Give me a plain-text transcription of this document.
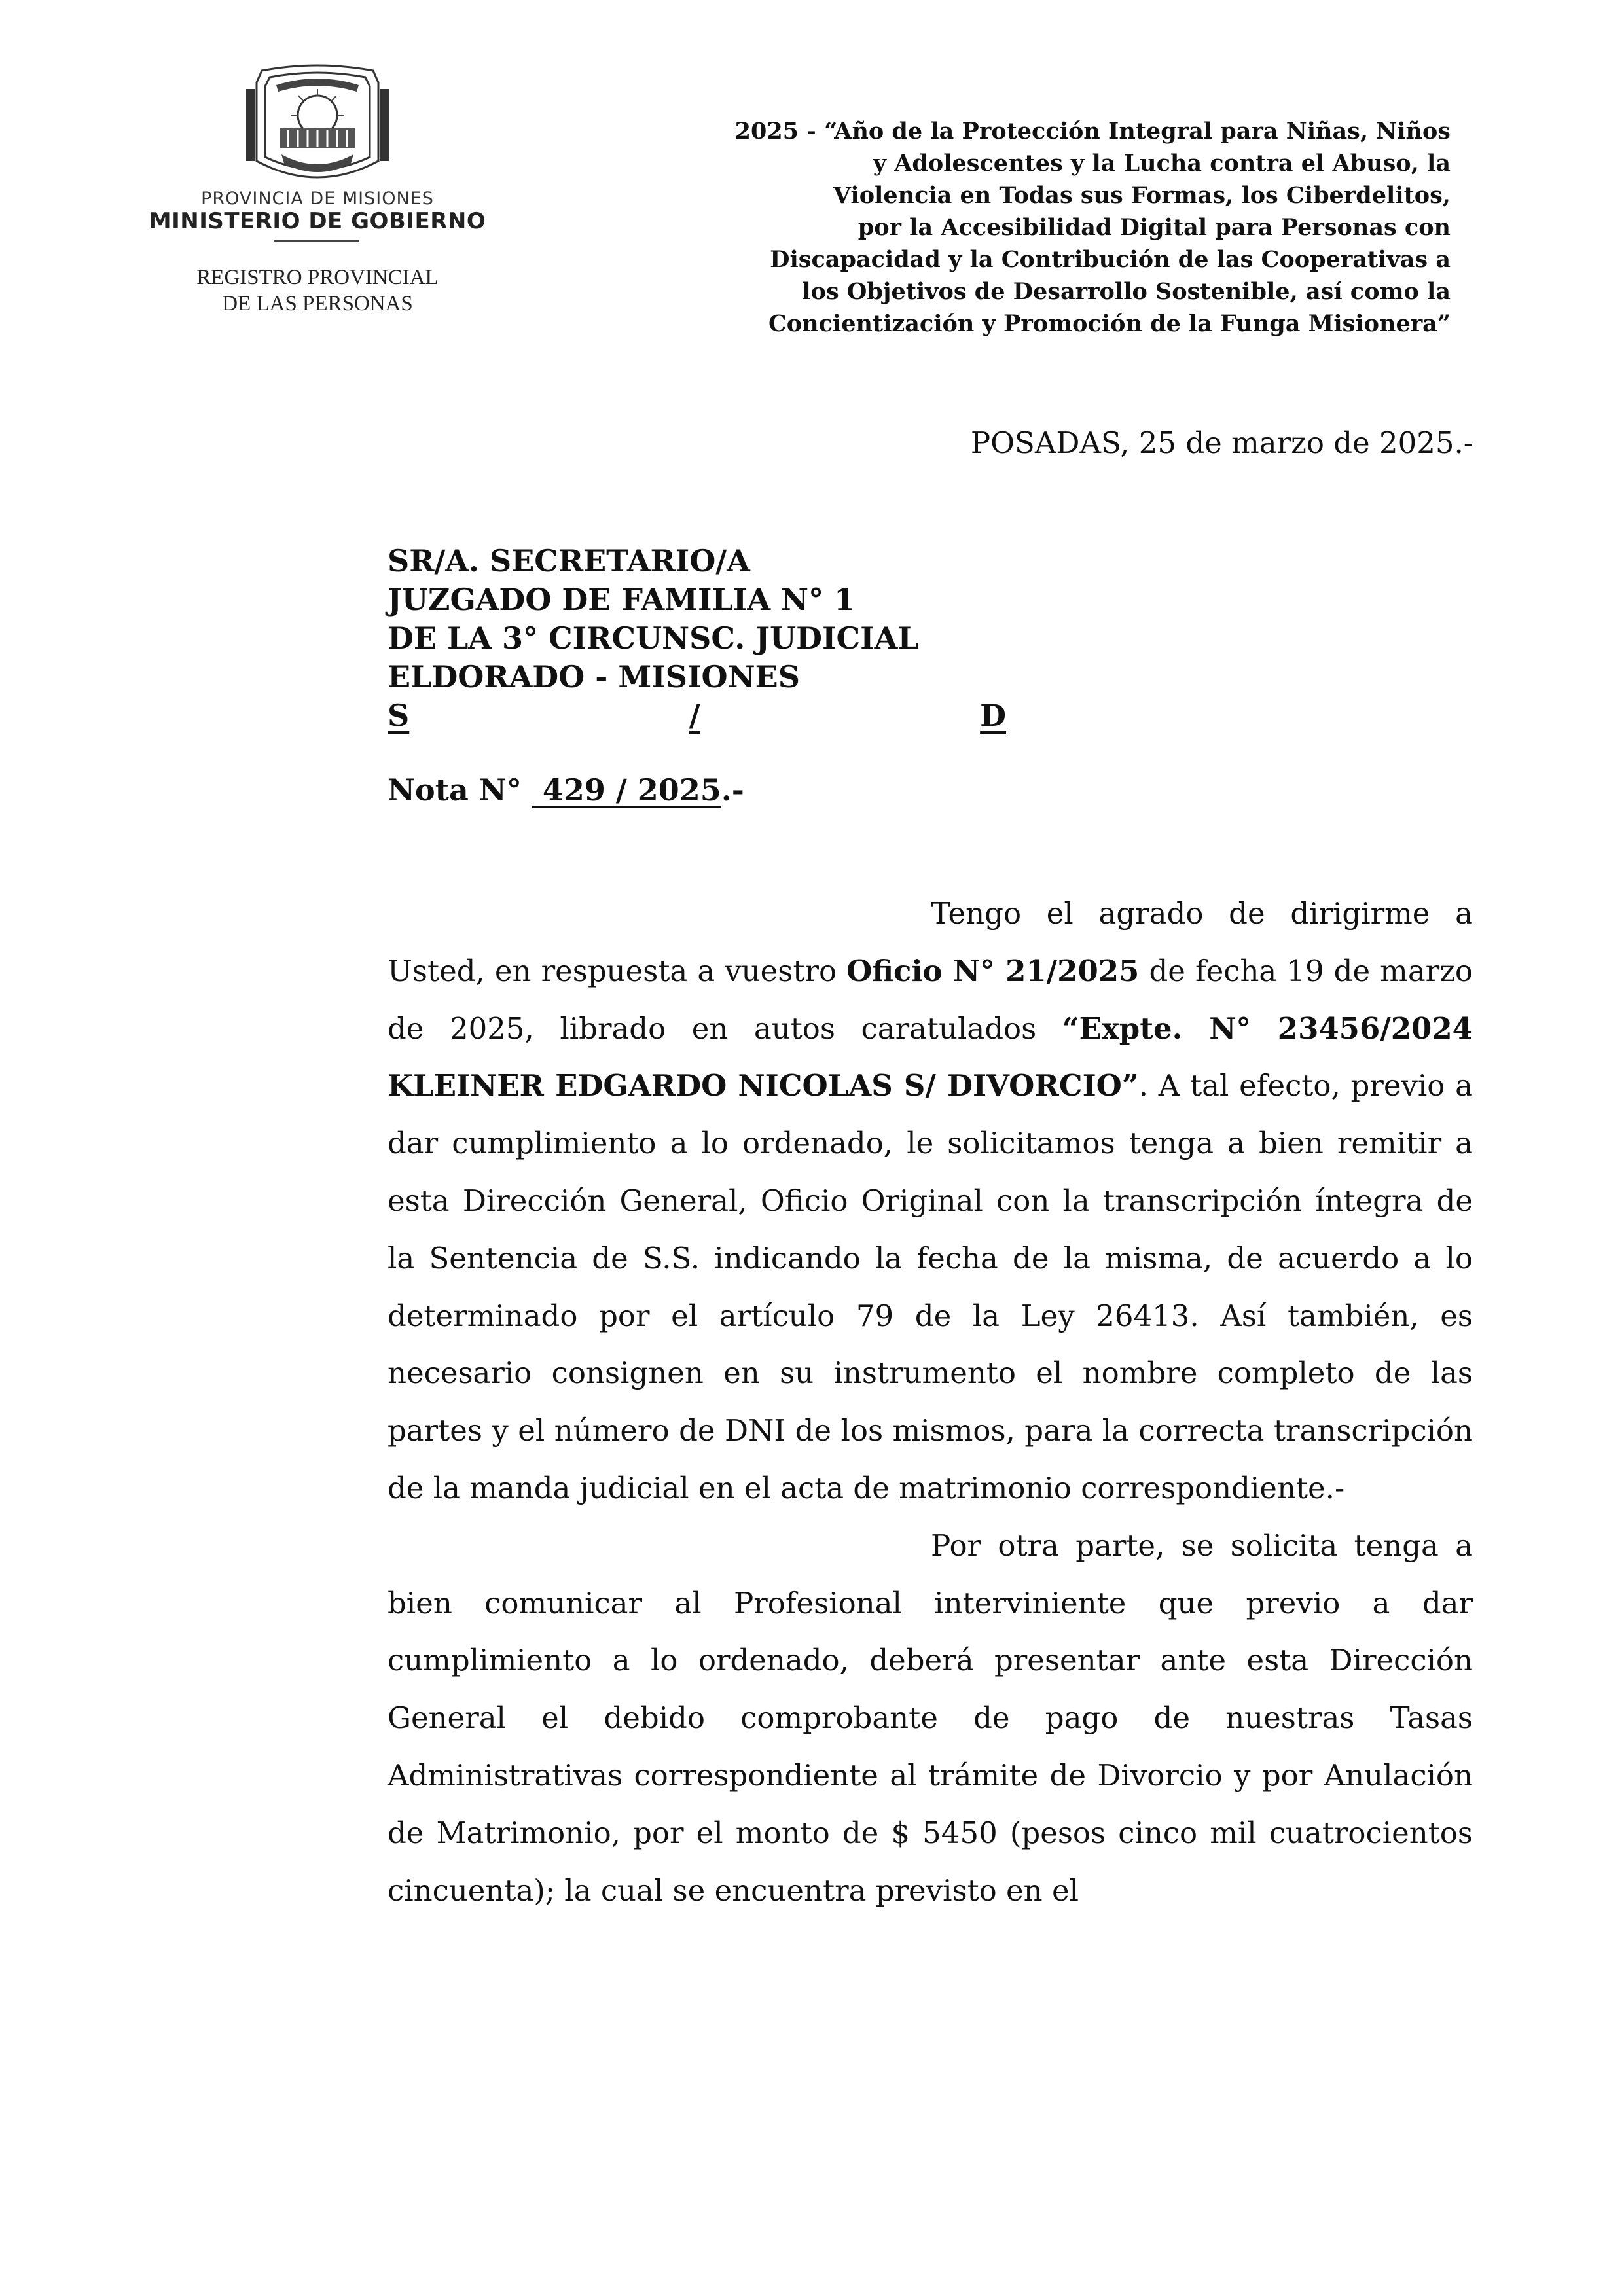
PROVINCIA DE MISIONES
MINISTERIO DE GOBIERNO
REGISTRO PROVINCIAL
DE LAS PERSONAS
2025 - “Año de la Protección Integral para Niñas, Niños
y Adolescentes y la Lucha contra el Abuso, la
Violencia en Todas sus Formas, los Ciberdelitos,
por la Accesibilidad Digital para Personas con
Discapacidad y la Contribución de las Cooperativas a
los Objetivos de Desarrollo Sostenible, así como la
Concientización y Promoción de la Funga Misionera”
POSADAS, 25 de marzo de 2025.-
SR/A. SECRETARIO/A
JUZGADO DE FAMILIA N° 1
DE LA 3° CIRCUNSC. JUDICIAL
ELDORADO - MISIONES
S	/	D
Nota N°  429 / 2025.-

Tengo el agrado de dirigirme a Usted, en respuesta a vuestro Oficio N° 21/2025 de fecha 19 de marzo de 2025, librado en autos caratulados “Expte. N° 23456/2024 KLEINER EDGARDO NICOLAS S/ DIVORCIO”. A tal efecto, previo a dar cumplimiento a lo ordenado, le solicitamos tenga a bien remitir a esta Dirección General, Oficio Original con la transcripción íntegra de la Sentencia de S.S. indicando la fecha de la misma, de acuerdo a lo determinado por el artículo 79 de la Ley 26413. Así también, es necesario consignen en su instrumento el nombre completo de las partes y el número de DNI de los mismos, para la correcta transcripción de la manda judicial en el acta de matrimonio correspondiente.-

Por otra parte, se solicita tenga a bien comunicar al Profesional interviniente que previo a dar cumplimiento a lo ordenado, deberá presentar ante esta Dirección General el debido comprobante de pago de nuestras Tasas Administrativas correspondiente al trámite de Divorcio y por Anulación de Matrimonio, por el monto de $ 5450 (pesos cinco mil cuatrocientos cincuenta); la cual se encuentra previsto en el
